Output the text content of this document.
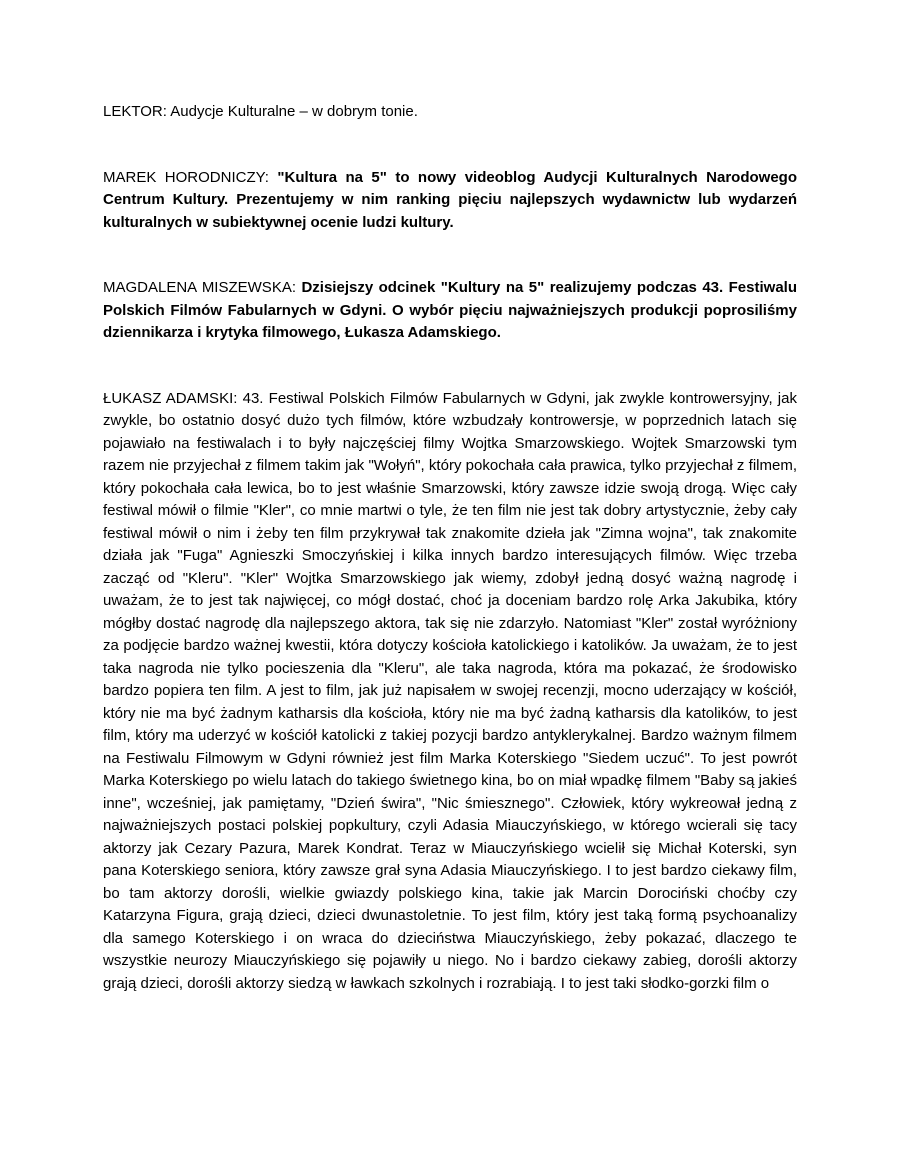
LEKTOR: Audycje Kulturalne – w dobrym tonie.

MAREK HORODNICZY: "Kultura na 5" to nowy videoblog Audycji Kulturalnych Narodowego Centrum Kultury. Prezentujemy w nim ranking pięciu najlepszych wydawnictw lub wydarzeń kulturalnych w subiektywnej ocenie ludzi kultury.

MAGDALENA MISZEWSKA: Dzisiejszy odcinek "Kultury na 5" realizujemy podczas 43. Festiwalu Polskich Filmów Fabularnych w Gdyni. O wybór pięciu najważniejszych produkcji poprosiliśmy dziennikarza i krytyka filmowego, Łukasza Adamskiego.

ŁUKASZ ADAMSKI: 43. Festiwal Polskich Filmów Fabularnych w Gdyni, jak zwykle kontrowersyjny, jak zwykle, bo ostatnio dosyć dużo tych filmów, które wzbudzały kontrowersje, w poprzednich latach się pojawiało na festiwalach i to były najczęściej filmy Wojtka Smarzowskiego. Wojtek Smarzowski tym razem nie przyjechał z filmem takim jak "Wołyń", który pokochała cała prawica, tylko przyjechał z filmem, który pokochała cała lewica, bo to jest właśnie Smarzowski, który zawsze idzie swoją drogą. Więc cały festiwal mówił o filmie "Kler", co mnie martwi o tyle, że ten film nie jest tak dobry artystycznie, żeby cały festiwal mówił o nim i żeby ten film przykrywał tak znakomite dzieła jak "Zimna wojna", tak znakomite działa jak "Fuga" Agnieszki Smoczyńskiej i kilka innych bardzo interesujących filmów. Więc trzeba zacząć od "Kleru". "Kler" Wojtka Smarzowskiego jak wiemy, zdobył jedną dosyć ważną nagrodę i uważam, że to jest tak najwięcej, co mógł dostać, choć ja doceniam bardzo rolę Arka Jakubika, który mógłby dostać nagrodę dla najlepszego aktora, tak się nie zdarzyło. Natomiast "Kler" został wyróżniony za podjęcie bardzo ważnej kwestii, która dotyczy kościoła katolickiego i katolików. Ja uważam, że to jest taka nagroda nie tylko pocieszenia dla "Kleru", ale taka nagroda, która ma pokazać, że środowisko bardzo popiera ten film. A jest to film, jak już napisałem w swojej recenzji, mocno uderzający w kościół, który nie ma być żadnym katharsis dla kościoła, który nie ma być żadną katharsis dla katolików, to jest film, który ma uderzyć w kościół katolicki z takiej pozycji bardzo antyklerykalnej. Bardzo ważnym filmem na Festiwalu Filmowym w Gdyni również jest film Marka Koterskiego "Siedem uczuć". To jest powrót Marka Koterskiego po wielu latach do takiego świetnego kina, bo on miał wpadkę filmem "Baby są jakieś inne", wcześniej, jak pamiętamy, "Dzień świra", "Nic śmiesznego". Człowiek, który wykreował jedną z najważniejszych postaci polskiej popkultury, czyli Adasia Miauczyńskiego, w którego wcierali się tacy aktorzy jak Cezary Pazura, Marek Kondrat. Teraz w Miauczyńskiego wcielił się Michał Koterski, syn pana Koterskiego seniora, który zawsze grał syna Adasia Miauczyńskiego. I to jest bardzo ciekawy film, bo tam aktorzy dorośli, wielkie gwiazdy polskiego kina, takie jak Marcin Dorociński choćby czy Katarzyna Figura, grają dzieci, dzieci dwunastoletnie. To jest film, który jest taką formą psychoanalizy dla samego Koterskiego i on wraca do dzieciństwa Miauczyńskiego, żeby pokazać, dlaczego te wszystkie neurozy Miauczyńskiego się pojawiły u niego. No i bardzo ciekawy zabieg, dorośli aktorzy grają dzieci, dorośli aktorzy siedzą w ławkach szkolnych i rozrabiają. I to jest taki słodko-gorzki film o
